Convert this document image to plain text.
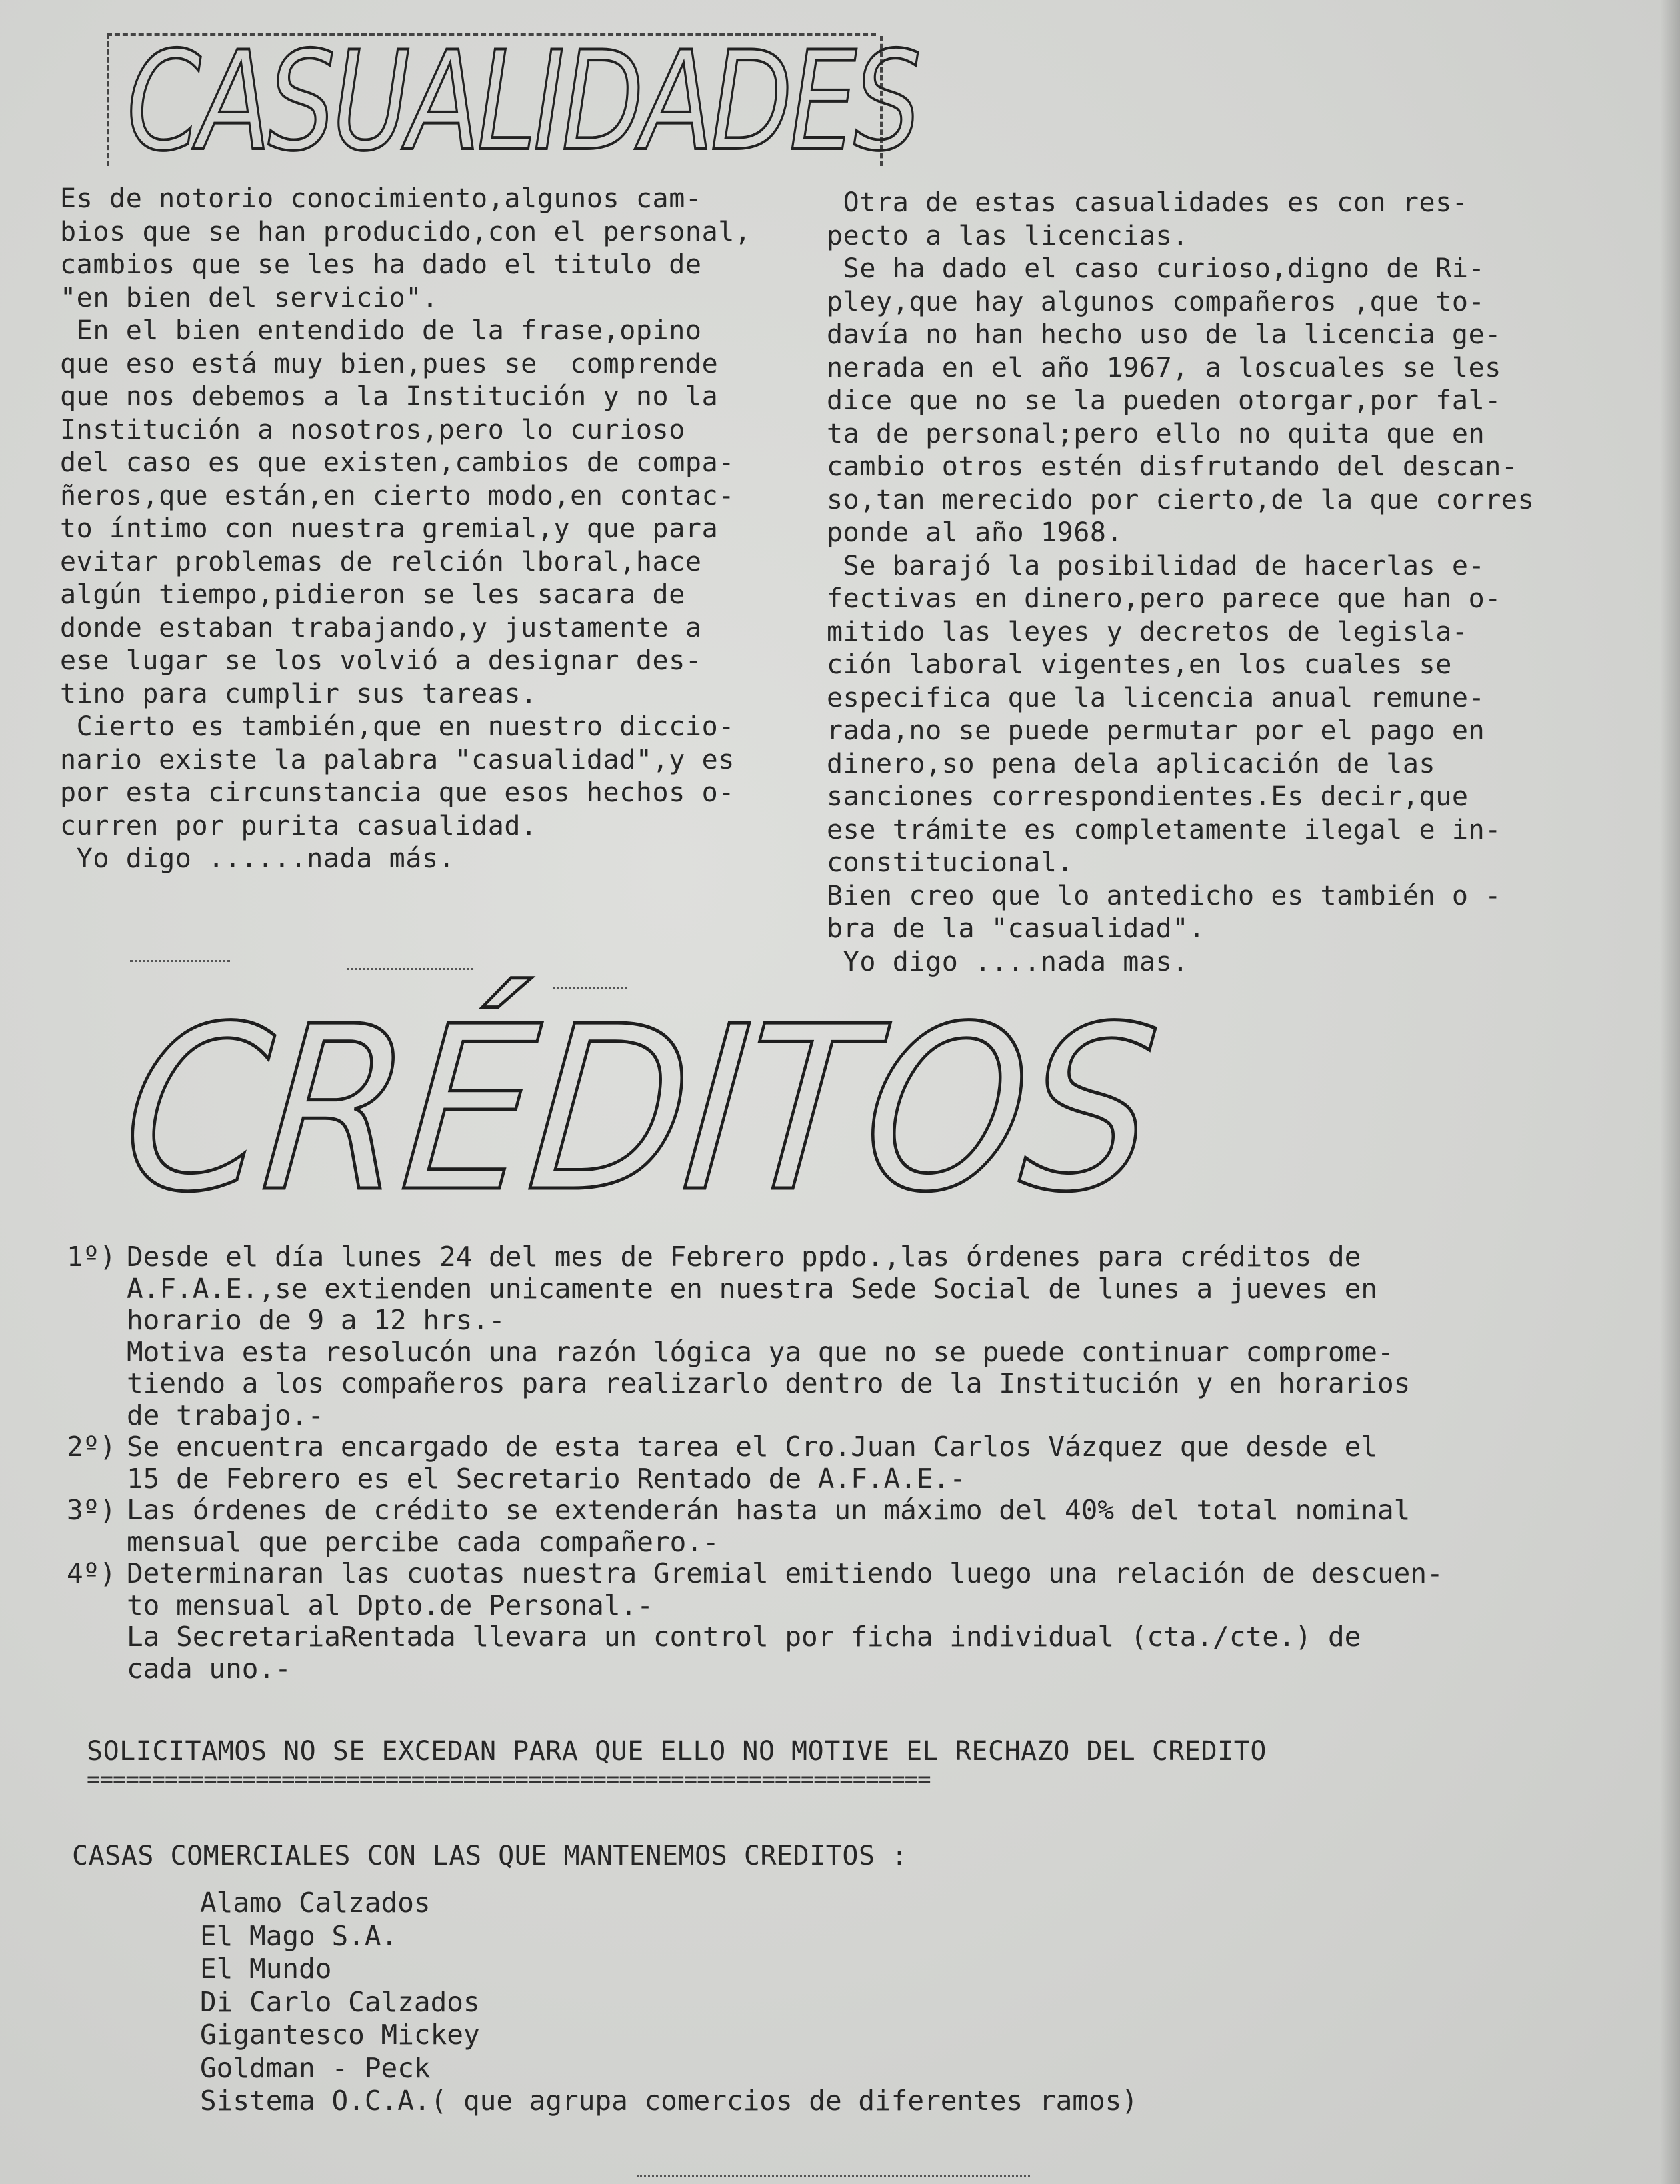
CASUALIDADES
Es de notorio conocimiento,algunos cam-
bios que se han producido,con el personal,
cambios que se les ha dado el titulo de
"en bien del servicio".
En el bien entendido de la frase,opino
que eso está muy bien,pues se  comprende
que nos debemos a la Institución y no la
Institución a nosotros,pero lo curioso
del caso es que existen,cambios de compa-
ñeros,que están,en cierto modo,en contac-
to íntimo con nuestra gremial,y que para
evitar problemas de relción lboral,hace
algún tiempo,pidieron se les sacara de
donde estaban trabajando,y justamente a
ese lugar se los volvió a designar des-
tino para cumplir sus tareas.
Cierto es también,que en nuestro diccio-
nario existe la palabra "casualidad",y es
por esta circunstancia que esos hechos o-
curren por purita casualidad.
Yo digo ......nada más.
Otra de estas casualidades es con res-
pecto a las licencias.
Se ha dado el caso curioso,digno de Ri-
pley,que hay algunos compañeros ,que to-
davía no han hecho uso de la licencia ge-
nerada en el año 1967, a loscuales se les
dice que no se la pueden otorgar,por fal-
ta de personal;pero ello no quita que en
cambio otros estén disfrutando del descan-
so,tan merecido por cierto,de la que corres
ponde al año 1968.
Se barajó la posibilidad de hacerlas e-
fectivas en dinero,pero parece que han o-
mitido las leyes y decretos de legisla-
ción laboral vigentes,en los cuales se
especifica que la licencia anual remune-
rada,no se puede permutar por el pago en
dinero,so pena dela aplicación de las
sanciones correspondientes.Es decir,que
ese trámite es completamente ilegal e in-
constitucional.
Bien creo que lo antedicho es también o -
bra de la "casualidad".
Yo digo ....nada mas.
CRÉDITOS
1º) Desde el día lunes 24 del mes de Febrero ppdo.,las órdenes para créditos de
A.F.A.E.,se extienden unicamente en nuestra Sede Social de lunes a jueves en
horario de 9 a 12 hrs.-
Motiva esta resolucón una razón lógica ya que no se puede continuar comprome-
tiendo a los compañeros para realizarlo dentro de la Institución y en horarios
de trabajo.-
2º) Se encuentra encargado de esta tarea el Cro.Juan Carlos Vázquez que desde el
15 de Febrero es el Secretario Rentado de A.F.A.E.-
3º) Las órdenes de crédito se extenderán hasta un máximo del 40% del total nominal
mensual que percibe cada compañero.-
4º) Determinaran las cuotas nuestra Gremial emitiendo luego una relación de descuen-
to mensual al Dpto.de Personal.-
La SecretariaRentada llevara un control por ficha individual (cta./cte.) de
cada uno.-
SOLICITAMOS NO SE EXCEDAN PARA QUE ELLO NO MOTIVE EL RECHAZO DEL CREDITO
=================================================================
CASAS COMERCIALES CON LAS QUE MANTENEMOS CREDITOS :
Alamo Calzados
El Mago S.A.
El Mundo
Di Carlo Calzados
Gigantesco Mickey
Goldman - Peck
Sistema O.C.A.( que agrupa comercios de diferentes ramos)
